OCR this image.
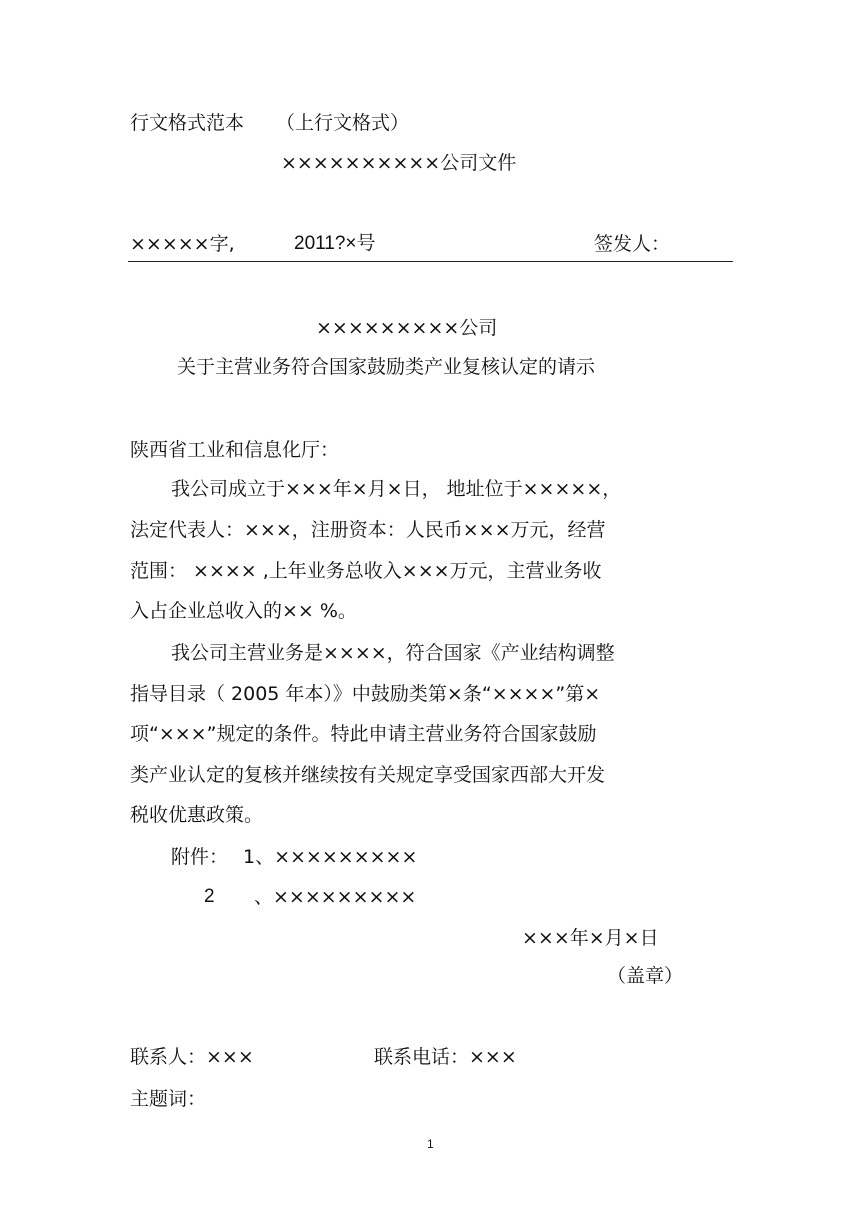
行文格式范本 （上行文格式）
××××××××××公司文件
×××××字,	2011?×号	签发人：
×××××××××公司
关于主营业务符合国家鼓励类产业复核认定的请示
陕西省工业和信息化厅：
我公司成立于×××年×月×日， 地址位于×××××，
法定代表人：×××，注册资本：人民币×××万元，经营
范围： ×××× ,上年业务总收入×××万元，主营业务收
入占企业总收入的×× %。
我公司主营业务是××××，符合国家《产业结构调整
指导目录（ 2005 年本）》中鼓励类第×条“××××”第×
项“×××”规定的条件。特此申请主营业务符合国家鼓励
类产业认定的复核并继续按有关规定享受国家西部大开发
税收优惠政策。
附件： 1、×××××××××
2 、×××××××××
×××年×月×日
（盖章）
联系人：×××	联系电话：×××
主题词：
1
